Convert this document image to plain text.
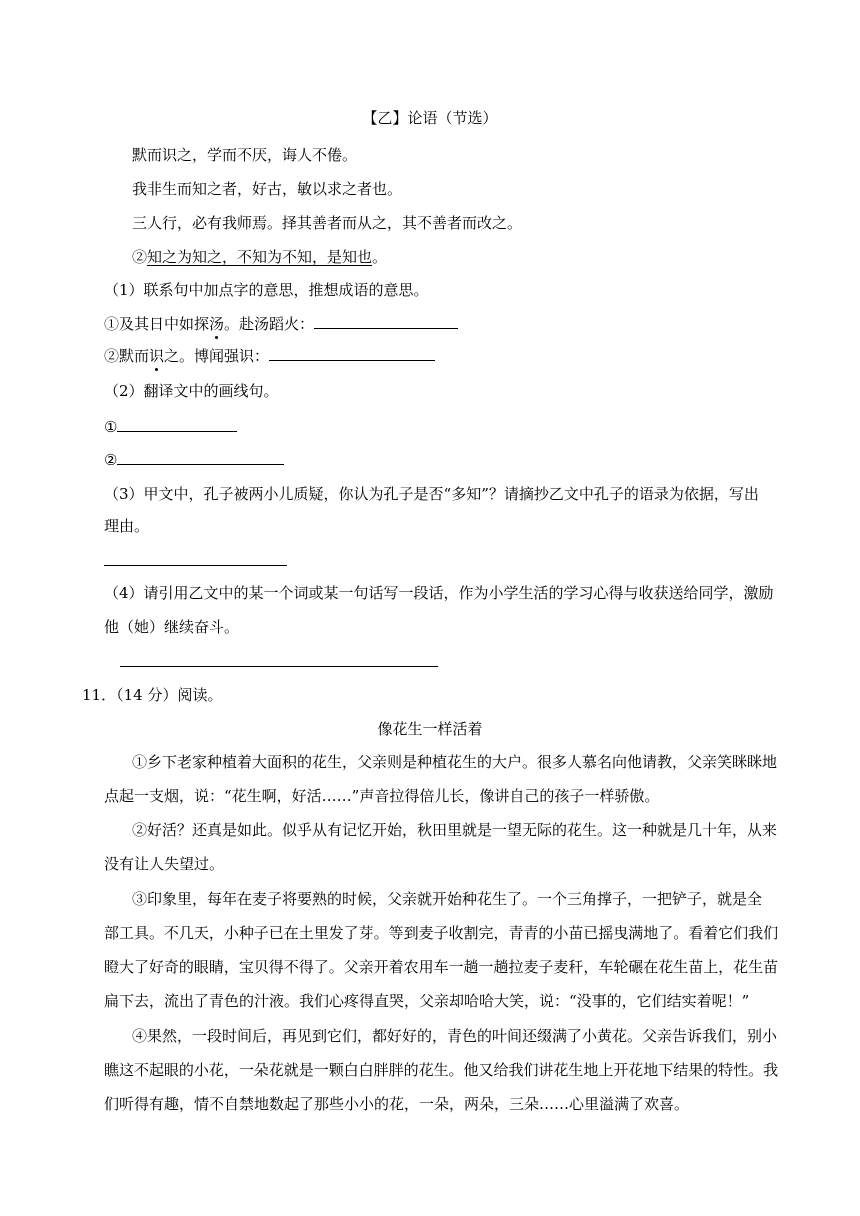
【乙】论语（节选）
默而识之，学而不厌，诲人不倦。
我非生而知之者，好古，敏以求之者也。
三人行，必有我师焉。择其善者而从之，其不善者而改之。
②知之为知之，不知为不知，是知也。
（1）联系句中加点字的意思，推想成语的意思。
①及其日中如探汤。赴汤蹈火：
②默而识之。博闻强识：
（2）翻译文中的画线句。
①
②
（3）甲文中，孔子被两小儿质疑，你认为孔子是否“多知”？请摘抄乙文中孔子的语录为依据，写出
理由。
（4）请引用乙文中的某一个词或某一句话写一段话，作为小学生活的学习心得与收获送给同学，激励
他（她）继续奋斗。
11．（14 分）阅读。
像花生一样活着
①乡下老家种植着大面积的花生，父亲则是种植花生的大户。很多人慕名向他请教，父亲笑眯眯地
点起一支烟，说：“花生啊，好活……”声音拉得倍儿长，像讲自己的孩子一样骄傲。
②好活？还真是如此。似乎从有记忆开始，秋田里就是一望无际的花生。这一种就是几十年，从来
没有让人失望过。
③印象里，每年在麦子将要熟的时候，父亲就开始种花生了。一个三角撑子，一把铲子，就是全
部工具。不几天，小种子已在土里发了芽。等到麦子收割完，青青的小苗已摇曳满地了。看着它们我们
瞪大了好奇的眼睛，宝贝得不得了。父亲开着农用车一趟一趟拉麦子麦秆，车轮碾在花生苗上，花生苗
扁下去，流出了青色的汁液。我们心疼得直哭，父亲却哈哈大笑，说：“没事的，它们结实着呢！”
④果然，一段时间后，再见到它们，都好好的，青色的叶间还缀满了小黄花。父亲告诉我们，别小
瞧这不起眼的小花，一朵花就是一颗白白胖胖的花生。他又给我们讲花生地上开花地下结果的特性。我
们听得有趣，情不自禁地数起了那些小小的花，一朵，两朵，三朵……心里溢满了欢喜。
